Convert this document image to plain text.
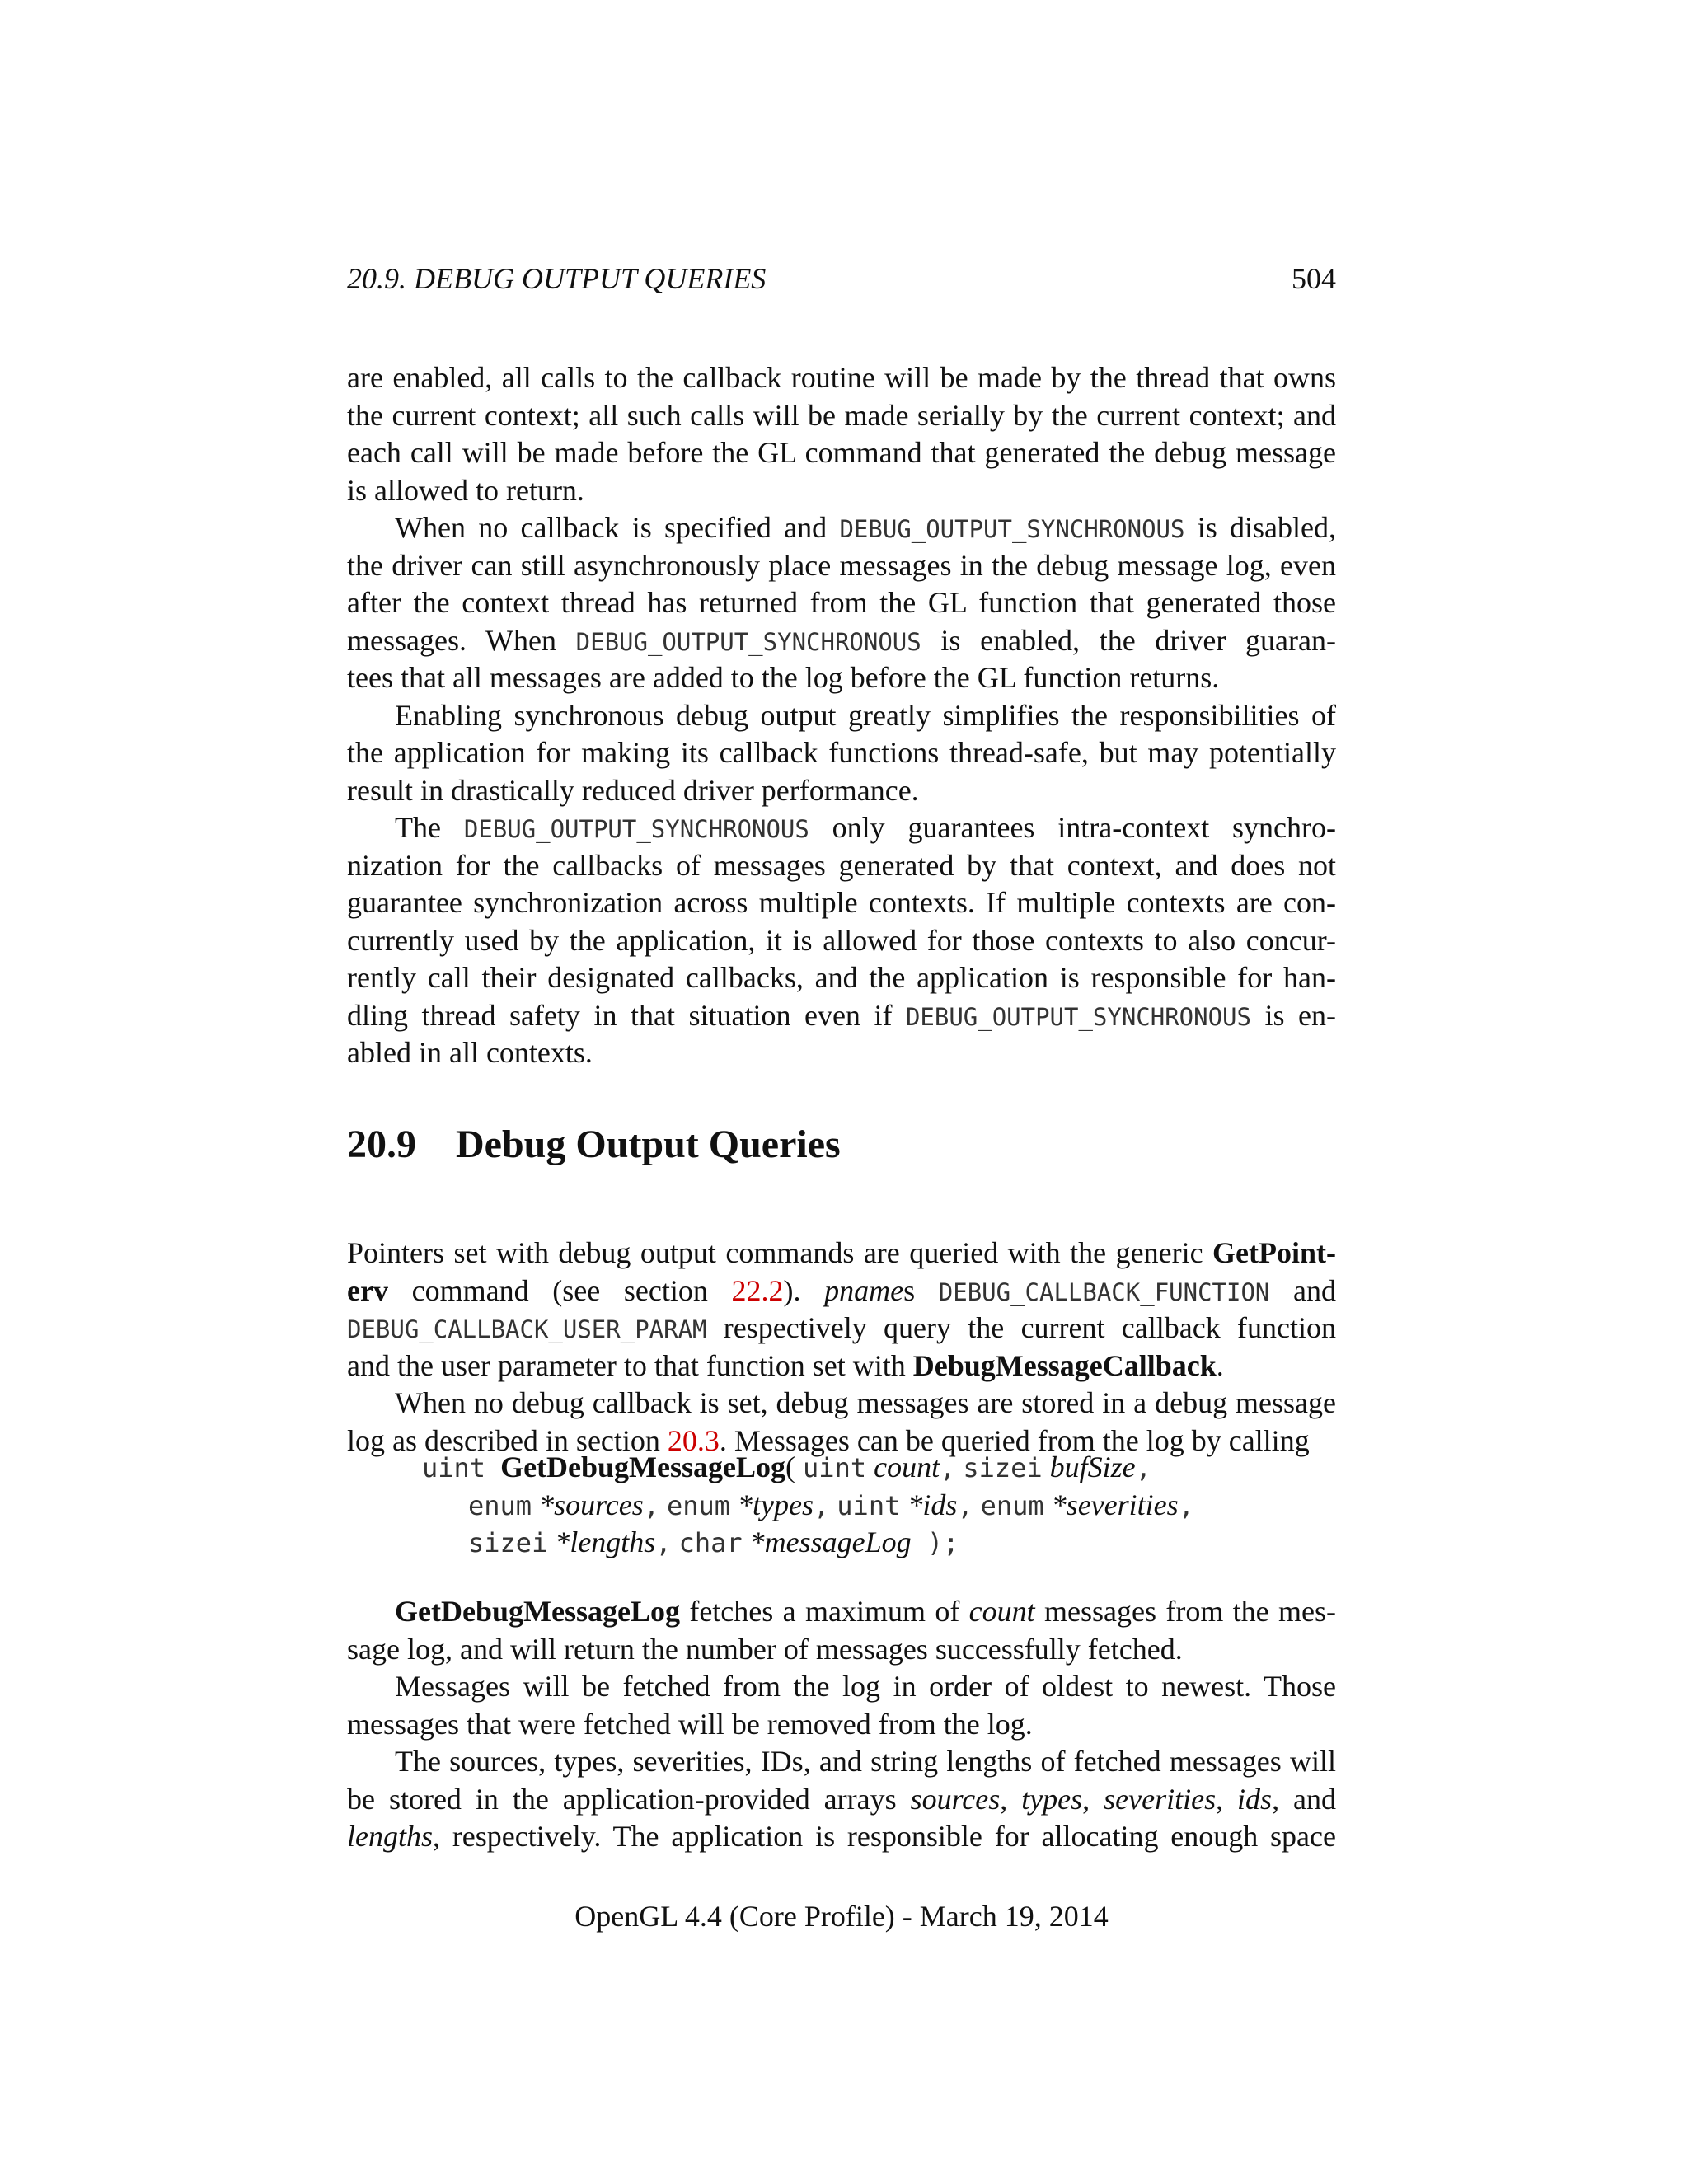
20.9. DEBUG OUTPUT QUERIES	504
are enabled, all calls to the callback routine will be made by the thread that owns
the current context; all such calls will be made serially by the current context; and
each call will be made before the GL command that generated the debug message
is allowed to return.
When no callback is specified and DEBUG_OUTPUT_SYNCHRONOUS is disabled,
the driver can still asynchronously place messages in the debug message log, even
after the context thread has returned from the GL function that generated those
messages. When DEBUG_OUTPUT_SYNCHRONOUS is enabled, the driver guaran-
tees that all messages are added to the log before the GL function returns.
Enabling synchronous debug output greatly simplifies the responsibilities of
the application for making its callback functions thread-safe, but may potentially
result in drastically reduced driver performance.
The DEBUG_OUTPUT_SYNCHRONOUS only guarantees intra-context synchro-
nization for the callbacks of messages generated by that context, and does not
guarantee synchronization across multiple contexts. If multiple contexts are con-
currently used by the application, it is allowed for those contexts to also concur-
rently call their designated callbacks, and the application is responsible for han-
dling thread safety in that situation even if DEBUG_OUTPUT_SYNCHRONOUS is en-
abled in all contexts.
20.9 Debug Output Queries
Pointers set with debug output commands are queried with the generic GetPoint-
erv command (see section 22.2). pnames DEBUG_CALLBACK_FUNCTION and
DEBUG_CALLBACK_USER_PARAM respectively query the current callback function
and the user parameter to that function set with DebugMessageCallback.
When no debug callback is set, debug messages are stored in a debug message
log as described in section 20.3. Messages can be queried from the log by calling
uint GetDebugMessageLog( uint count, sizei bufSize,
enum *sources, enum *types, uint *ids, enum *severities,
sizei *lengths, char *messageLog );
GetDebugMessageLog fetches a maximum of count messages from the mes-
sage log, and will return the number of messages successfully fetched.
Messages will be fetched from the log in order of oldest to newest. Those
messages that were fetched will be removed from the log.
The sources, types, severities, IDs, and string lengths of fetched messages will
be stored in the application-provided arrays sources, types, severities, ids, and
lengths, respectively. The application is responsible for allocating enough space
OpenGL 4.4 (Core Profile) - March 19, 2014
